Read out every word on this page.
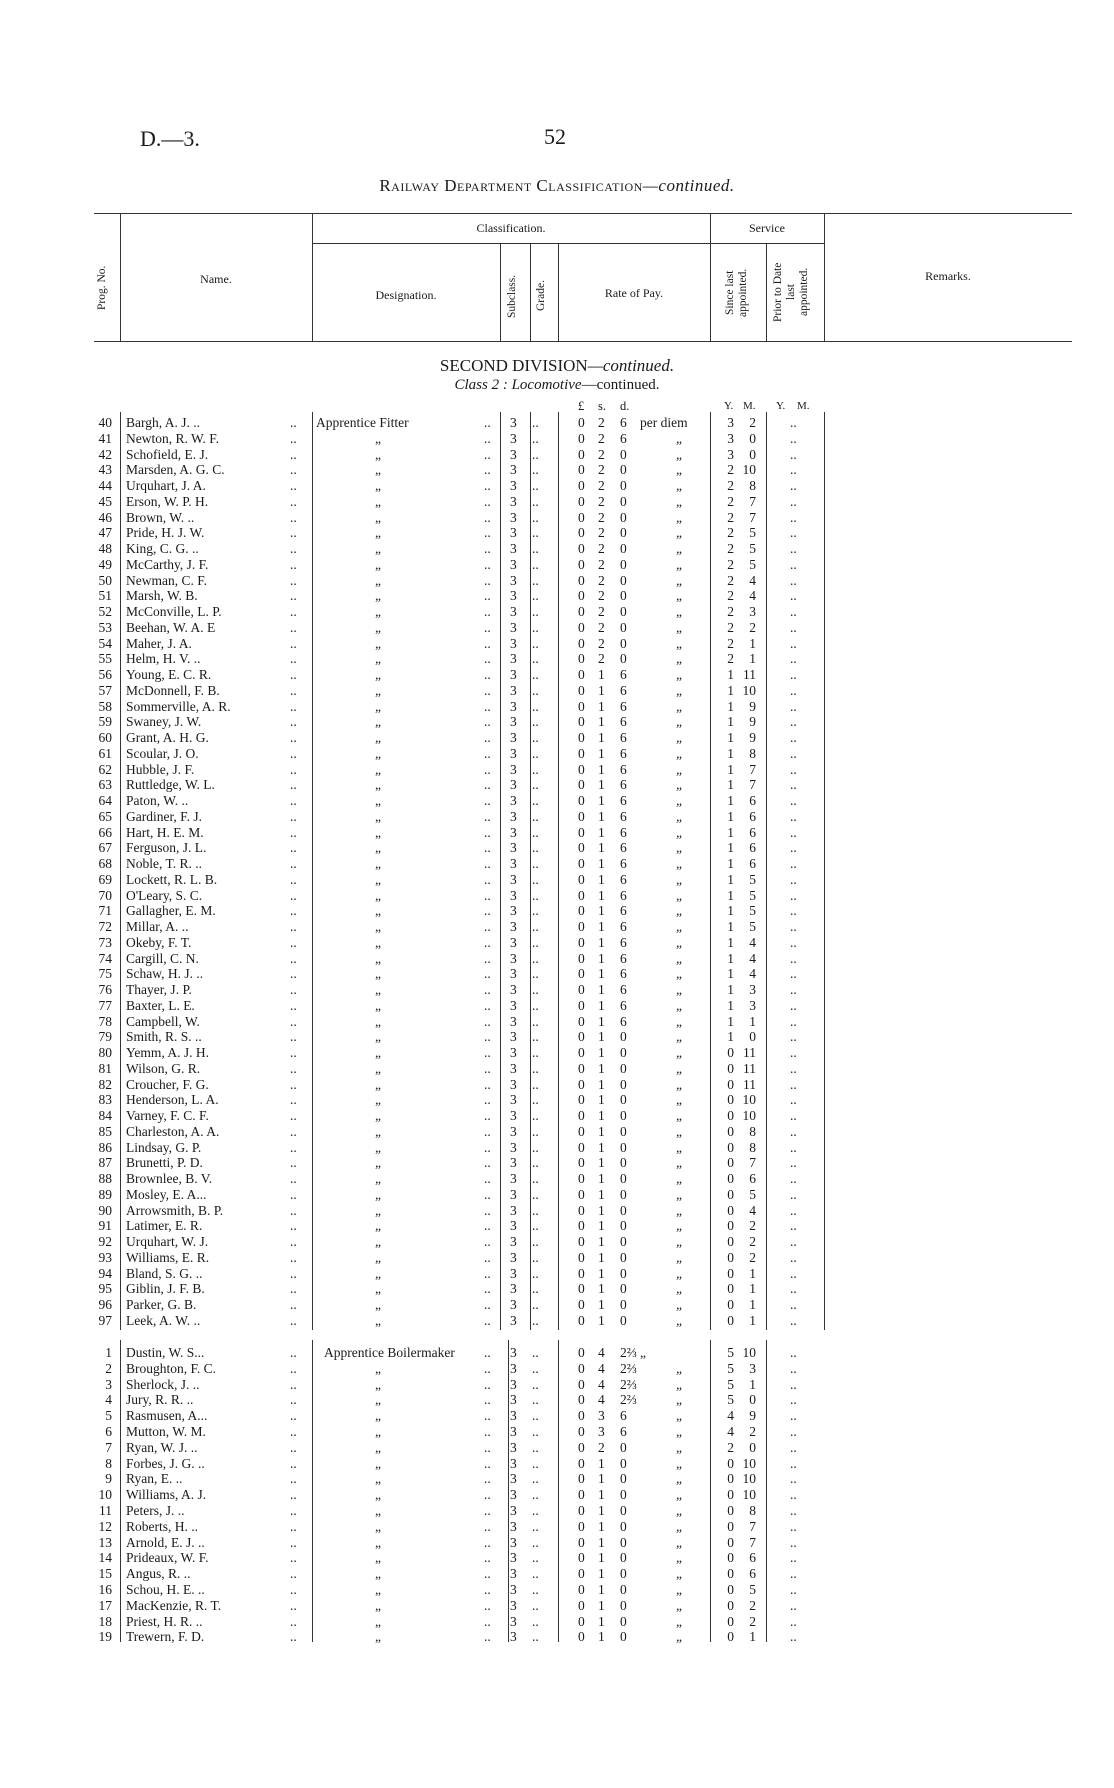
D.—3.	52
Railway Department Classification—continued.
Prog. No.	Name.
Classification.
Designation.	Subclass.	Grade.	Rate of Pay.
Service
Since last
appointed.	Prior to Date
last
appointed.	Remarks.
SECOND DIVISION—continued.
Class 2 : Locomotive—continued.
£ s. d.	Y. M. Y. M.
40 Bargh, A. J. ..	.. Apprentice Fitter	.. 3 ..	0 2 6 per diem	3	2	..
41 Newton, R. W. F.	..	„	.. 3 ..	0 2 6	„	3	0	..
42 Schofield, E. J.	..	„	.. 3 ..	0 2 0	„	3	0	..
43 Marsden, A. G. C.	..	„	.. 3 ..	0 2 0	„	2 10	..
44 Urquhart, J. A.	..	„	.. 3 ..	0 2 0	„	2	8	..
45 Erson, W. P. H.	..	„	.. 3 ..	0 2 0	„	2	7	..
46 Brown, W. ..	..	„	.. 3 ..	0 2 0	„	2	7	..
47 Pride, H. J. W.	..	„	.. 3 ..	0 2 0	„	2	5	..
48 King, C. G. ..	..	„	.. 3 ..	0 2 0	„	2	5	..
49 McCarthy, J. F.	..	„	.. 3 ..	0 2 0	„	2	5	..
50 Newman, C. F.	..	„	.. 3 ..	0 2 0	„	2	4	..
51 Marsh, W. B.	..	„	.. 3 ..	0 2 0	„	2	4	..
52 McConville, L. P.	..	„	.. 3 ..	0 2 0	„	2	3	..
53 Beehan, W. A. E	..	„	.. 3 ..	0 2 0	„	2	2	..
54 Maher, J. A.	..	„	.. 3 ..	0 2 0	„	2	1	..
55 Helm, H. V. ..	..	„	.. 3 ..	0 2 0	„	2	1	..
56 Young, E. C. R.	..	„	.. 3 ..	0 1 6	„	1 11	..
57 McDonnell, F. B.	..	„	.. 3 ..	0 1 6	„	1 10	..
58 Sommerville, A. R.	..	„	.. 3 ..	0 1 6	„	1	9	..
59 Swaney, J. W.	..	„	.. 3 ..	0 1 6	„	1	9	..
60 Grant, A. H. G.	..	„	.. 3 ..	0 1 6	„	1	9	..
61 Scoular, J. O.	..	„	.. 3 ..	0 1 6	„	1	8	..
62 Hubble, J. F.	..	„	.. 3 ..	0 1 6	„	1	7	..
63 Ruttledge, W. L.	..	„	.. 3 ..	0 1 6	„	1	7	..
64 Paton, W. ..	..	„	.. 3 ..	0 1 6	„	1	6	..
65 Gardiner, F. J.	..	„	.. 3 ..	0 1 6	„	1	6	..
66 Hart, H. E. M.	..	„	.. 3 ..	0 1 6	„	1	6	..
67 Ferguson, J. L.	..	„	.. 3 ..	0 1 6	„	1	6	..
68 Noble, T. R. ..	..	„	.. 3 ..	0 1 6	„	1	6	..
69 Lockett, R. L. B.	..	„	.. 3 ..	0 1 6	„	1	5	..
70 O'Leary, S. C.	..	„	.. 3 ..	0 1 6	„	1	5	..
71 Gallagher, E. M.	..	„	.. 3 ..	0 1 6	„	1	5	..
72 Millar, A. ..	..	„	.. 3 ..	0 1 6	„	1	5	..
73 Okeby, F. T.	..	„	.. 3 ..	0 1 6	„	1	4	..
74 Cargill, C. N.	..	„	.. 3 ..	0 1 6	„	1	4	..
75 Schaw, H. J. ..	..	„	.. 3 ..	0 1 6	„	1	4	..
76 Thayer, J. P.	..	„	.. 3 ..	0 1 6	„	1	3	..
77 Baxter, L. E.	..	„	.. 3 ..	0 1 6	„	1	3	..
78 Campbell, W.	..	„	.. 3 ..	0 1 6	„	1	1	..
79 Smith, R. S. ..	..	„	.. 3 ..	0 1 0	„	1	0	..
80 Yemm, A. J. H.	..	„	.. 3 ..	0 1 0	„	0 11	..
81 Wilson, G. R.	..	„	.. 3 ..	0 1 0	„	0 11	..
82 Croucher, F. G.	..	„	.. 3 ..	0 1 0	„	0 11	..
83 Henderson, L. A.	..	„	.. 3 ..	0 1 0	„	0 10	..
84 Varney, F. C. F.	..	„	.. 3 ..	0 1 0	„	0 10	..
85 Charleston, A. A.	..	„	.. 3 ..	0 1 0	„	0	8	..
86 Lindsay, G. P.	..	„	.. 3 ..	0 1 0	„	0	8	..
87 Brunetti, P. D.	..	„	.. 3 ..	0 1 0	„	0	7	..
88 Brownlee, B. V.	..	„	.. 3 ..	0 1 0	„	0	6	..
89 Mosley, E. A...	..	„	.. 3 ..	0 1 0	„	0	5	..
90 Arrowsmith, B. P.	..	„	.. 3 ..	0 1 0	„	0	4	..
91 Latimer, E. R.	..	„	.. 3 ..	0 1 0	„	0	2	..
92 Urquhart, W. J.	..	„	.. 3 ..	0 1 0	„	0	2	..
93 Williams, E. R.	..	„	.. 3 ..	0 1 0	„	0	2	..
94 Bland, S. G. ..	..	„	.. 3 ..	0 1 0	„	0	1	..
95 Giblin, J. F. B.	..	„	.. 3 ..	0 1 0	„	0	1	..
96 Parker, G. B.	..	„	.. 3 ..	0 1 0	„	0	1	..
97 Leek, A. W. ..	..	„	.. 3 ..	0 1 0	„	0	1	..
1 Dustin, W. S...	.. Apprentice Boilermaker .. 3 ..	0 4 2⅔ „	5 10	..
2 Broughton, F. C.	..	„	.. 3 ..	0 4 2⅔	„	5	3	..
3 Sherlock, J. ..	..	„	.. 3 ..	0 4 2⅔	„	5	1	..
4 Jury, R. R. ..	..	„	.. 3 ..	0 4 2⅔	„	5	0	..
5 Rasmusen, A...	..	„	.. 3 ..	0 3 6	„	4	9	..
6 Mutton, W. M.	..	„	.. 3 ..	0 3 6	„	4	2	..
7 Ryan, W. J. ..	..	„	.. 3 ..	0 2 0	„	2	0	..
8 Forbes, J. G. ..	..	„	.. 3 ..	0 1 0	„	0 10	..
9 Ryan, E. ..	..	„	.. 3 ..	0 1 0	„	0 10	..
10 Williams, A. J.	..	„	.. 3 ..	0 1 0	„	0 10	..
11 Peters, J. ..	..	„	.. 3 ..	0 1 0	„	0	8	..
12 Roberts, H. ..	..	„	.. 3 ..	0 1 0	„	0	7	..
13 Arnold, E. J. ..	..	„	.. 3 ..	0 1 0	„	0	7	..
14 Prideaux, W. F.	..	„	.. 3 ..	0 1 0	„	0	6	..
15 Angus, R. ..	..	„	.. 3 ..	0 1 0	„	0	6	..
16 Schou, H. E. ..	..	„	.. 3 ..	0 1 0	„	0	5	..
17 MacKenzie, R. T.	..	„	.. 3 ..	0 1 0	„	0	2	..
18 Priest, H. R. ..	..	„	.. 3 ..	0 1 0	„	0	2	..
19 Trewern, F. D.	..	„	.. 3 ..	0 1 0	„	0	1	..
